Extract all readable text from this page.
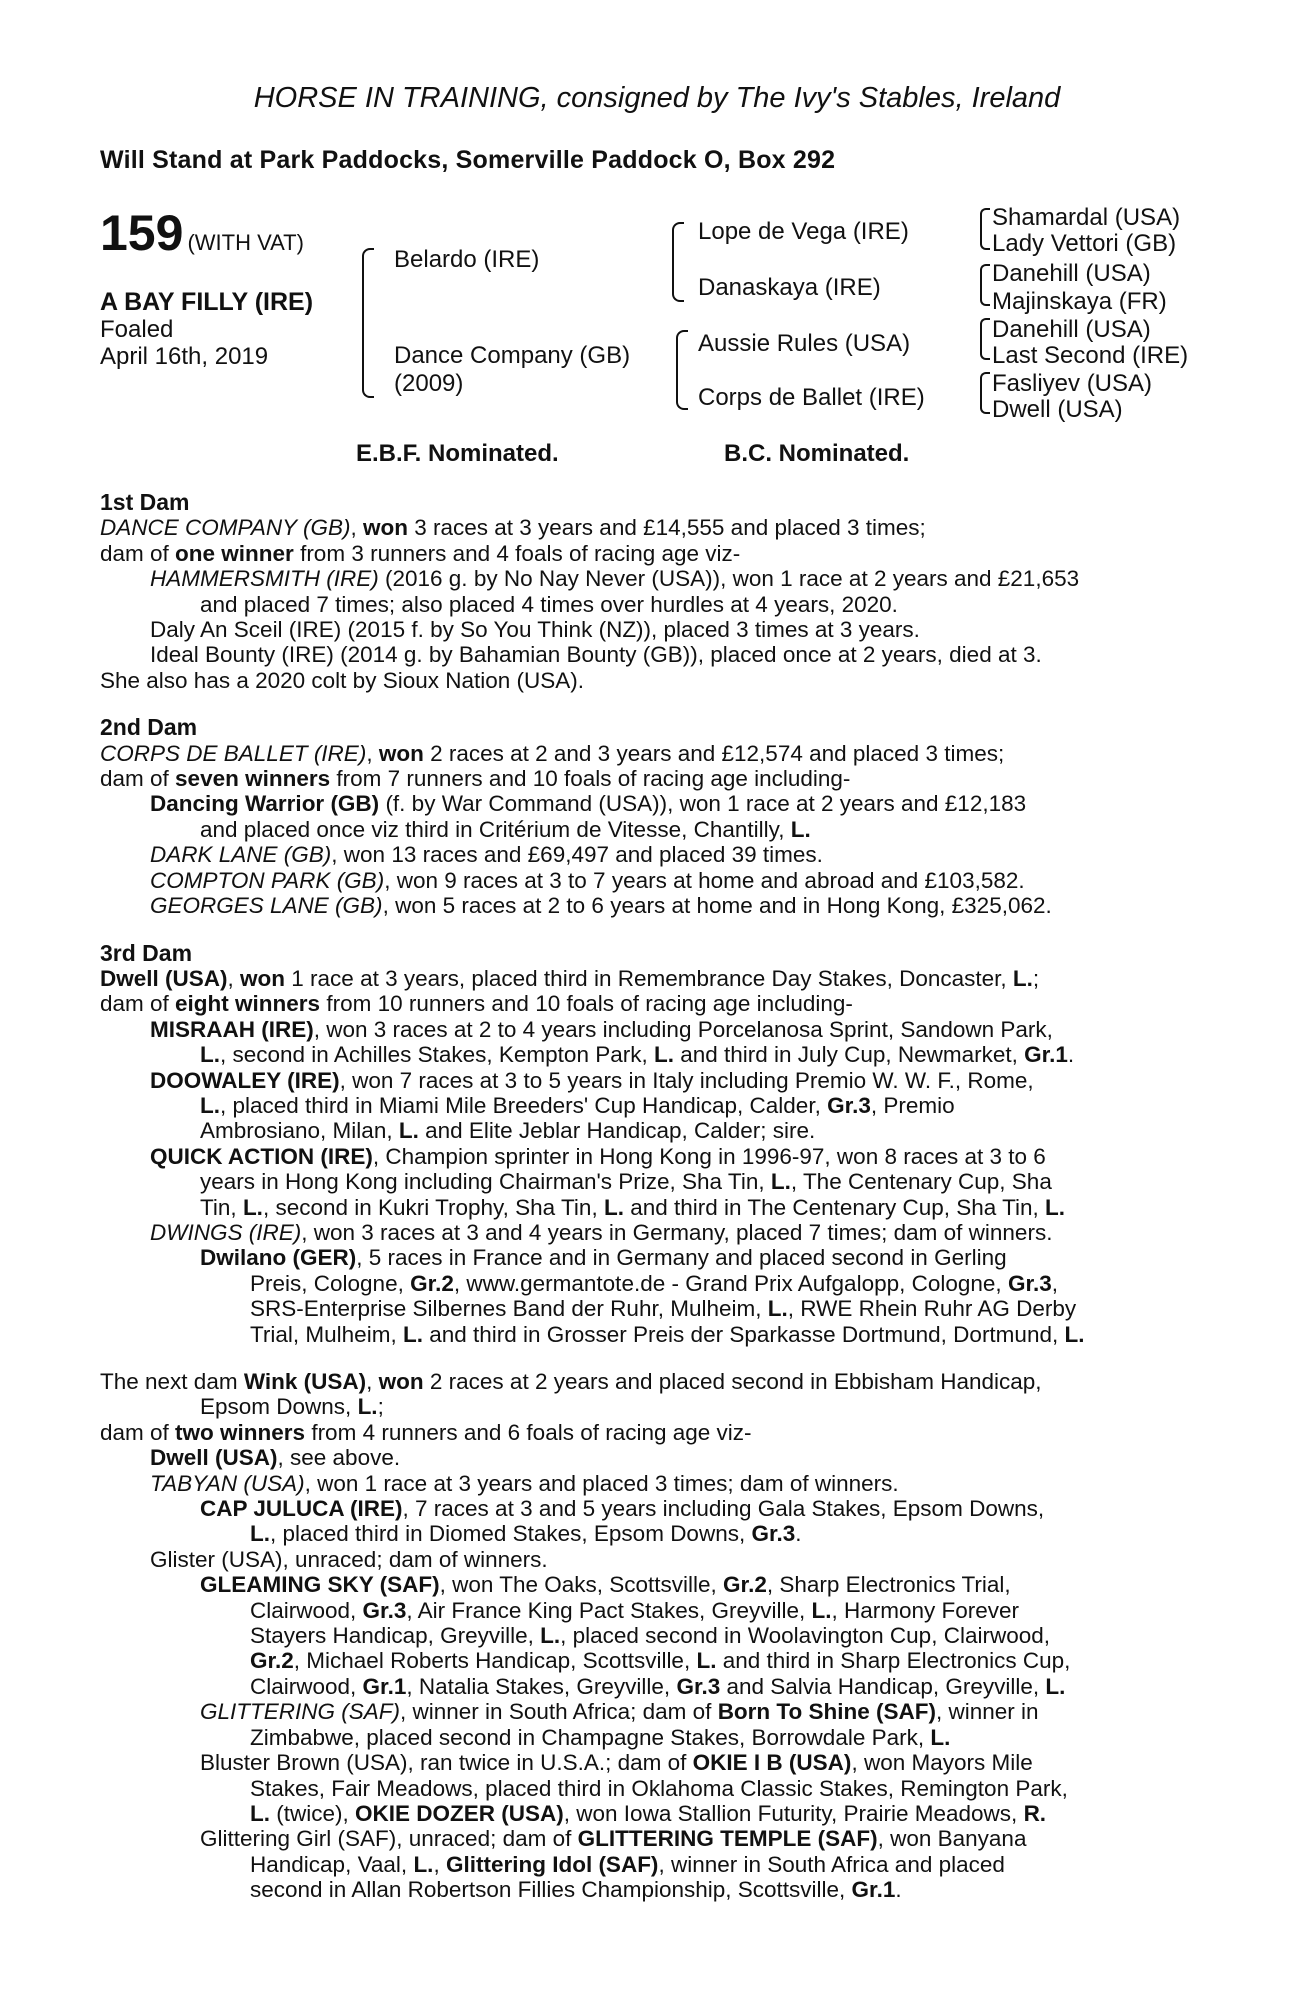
HORSE IN TRAINING, consigned by The Ivy's Stables, Ireland
Will Stand at Park Paddocks, Somerville Paddock O, Box 292
159 (WITH VAT)
A BAY FILLY (IRE)
Foaled
April 16th, 2019
Belardo (IRE)
Dance Company (GB)
(2009)
Lope de Vega (IRE)
Danaskaya (IRE)
Aussie Rules (USA)
Corps de Ballet (IRE)
Shamardal (USA)
Lady Vettori (GB)
Danehill (USA)
Majinskaya (FR)
Danehill (USA)
Last Second (IRE)
Fasliyev (USA)
Dwell (USA)
E.B.F. Nominated.	B.C. Nominated.

1st Dam

DANCE COMPANY (GB), won 3 races at 3 years and £14,555 and placed 3 times;

dam of one winner from 3 runners and 4 foals of racing age viz-

HAMMERSMITH (IRE) (2016 g. by No Nay Never (USA)), won 1 race at 2 years and £21,653

and placed 7 times; also placed 4 times over hurdles at 4 years, 2020.

Daly An Sceil (IRE) (2015 f. by So You Think (NZ)), placed 3 times at 3 years.

Ideal Bounty (IRE) (2014 g. by Bahamian Bounty (GB)), placed once at 2 years, died at 3.

She also has a 2020 colt by Sioux Nation (USA).

2nd Dam

CORPS DE BALLET (IRE), won 2 races at 2 and 3 years and £12,574 and placed 3 times;

dam of seven winners from 7 runners and 10 foals of racing age including-

Dancing Warrior (GB) (f. by War Command (USA)), won 1 race at 2 years and £12,183

and placed once viz third in Critérium de Vitesse, Chantilly, L.

DARK LANE (GB), won 13 races and £69,497 and placed 39 times.

COMPTON PARK (GB), won 9 races at 3 to 7 years at home and abroad and £103,582.

GEORGES LANE (GB), won 5 races at 2 to 6 years at home and in Hong Kong, £325,062.

3rd Dam

Dwell (USA), won 1 race at 3 years, placed third in Remembrance Day Stakes, Doncaster, L.;

dam of eight winners from 10 runners and 10 foals of racing age including-

MISRAAH (IRE), won 3 races at 2 to 4 years including Porcelanosa Sprint, Sandown Park,

L., second in Achilles Stakes, Kempton Park, L. and third in July Cup, Newmarket, Gr.1.

DOOWALEY (IRE), won 7 races at 3 to 5 years in Italy including Premio W. W. F., Rome,

L., placed third in Miami Mile Breeders' Cup Handicap, Calder, Gr.3, Premio

Ambrosiano, Milan, L. and Elite Jeblar Handicap, Calder; sire.

QUICK ACTION (IRE), Champion sprinter in Hong Kong in 1996-97, won 8 races at 3 to 6

years in Hong Kong including Chairman's Prize, Sha Tin, L., The Centenary Cup, Sha

Tin, L., second in Kukri Trophy, Sha Tin, L. and third in The Centenary Cup, Sha Tin, L.

DWINGS (IRE), won 3 races at 3 and 4 years in Germany, placed 7 times; dam of winners.

Dwilano (GER), 5 races in France and in Germany and placed second in Gerling

Preis, Cologne, Gr.2, www.germantote.de - Grand Prix Aufgalopp, Cologne, Gr.3,

SRS-Enterprise Silbernes Band der Ruhr, Mulheim, L., RWE Rhein Ruhr AG Derby

Trial, Mulheim, L. and third in Grosser Preis der Sparkasse Dortmund, Dortmund, L.

The next dam Wink (USA), won 2 races at 2 years and placed second in Ebbisham Handicap,

Epsom Downs, L.;

dam of two winners from 4 runners and 6 foals of racing age viz-

Dwell (USA), see above.

TABYAN (USA), won 1 race at 3 years and placed 3 times; dam of winners.

CAP JULUCA (IRE), 7 races at 3 and 5 years including Gala Stakes, Epsom Downs,

L., placed third in Diomed Stakes, Epsom Downs, Gr.3.

Glister (USA), unraced; dam of winners.

GLEAMING SKY (SAF), won The Oaks, Scottsville, Gr.2, Sharp Electronics Trial,

Clairwood, Gr.3, Air France King Pact Stakes, Greyville, L., Harmony Forever

Stayers Handicap, Greyville, L., placed second in Woolavington Cup, Clairwood,

Gr.2, Michael Roberts Handicap, Scottsville, L. and third in Sharp Electronics Cup,

Clairwood, Gr.1, Natalia Stakes, Greyville, Gr.3 and Salvia Handicap, Greyville, L.

GLITTERING (SAF), winner in South Africa; dam of Born To Shine (SAF), winner in

Zimbabwe, placed second in Champagne Stakes, Borrowdale Park, L.

Bluster Brown (USA), ran twice in U.S.A.; dam of OKIE I B (USA), won Mayors Mile

Stakes, Fair Meadows, placed third in Oklahoma Classic Stakes, Remington Park,

L. (twice), OKIE DOZER (USA), won Iowa Stallion Futurity, Prairie Meadows, R.

Glittering Girl (SAF), unraced; dam of GLITTERING TEMPLE (SAF), won Banyana

Handicap, Vaal, L., Glittering Idol (SAF), winner in South Africa and placed

second in Allan Robertson Fillies Championship, Scottsville, Gr.1.
